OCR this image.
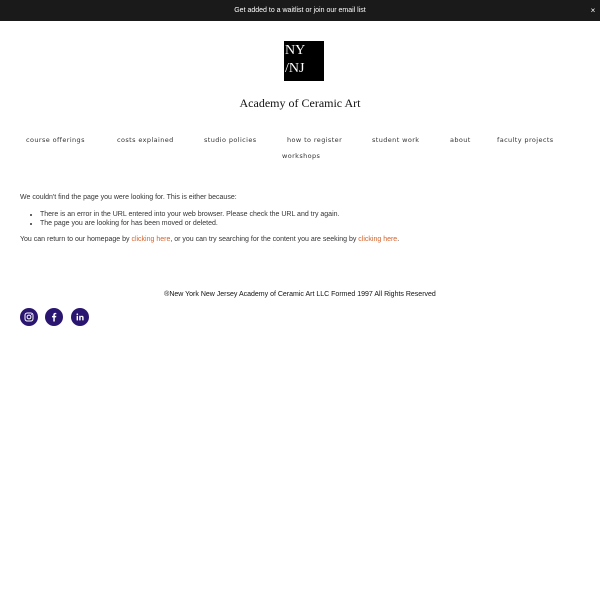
Get added to a waitlist or join our email list	×
NY
/NJ
Academy of Ceramic Art
course offerings	costs explained	studio policies	how to register	student work	about	faculty projects
workshops

We couldn't find the page you were looking for. This is either because:

• There is an error in the URL entered into your web browser. Please check the URL and try again.
• The page you are looking for has been moved or deleted.

You can return to our homepage by clicking here, or you can try searching for the content you are seeking by clicking here.

®New York New Jersey Academy of Ceramic Art LLC Formed 1997 All Rights Reserved
